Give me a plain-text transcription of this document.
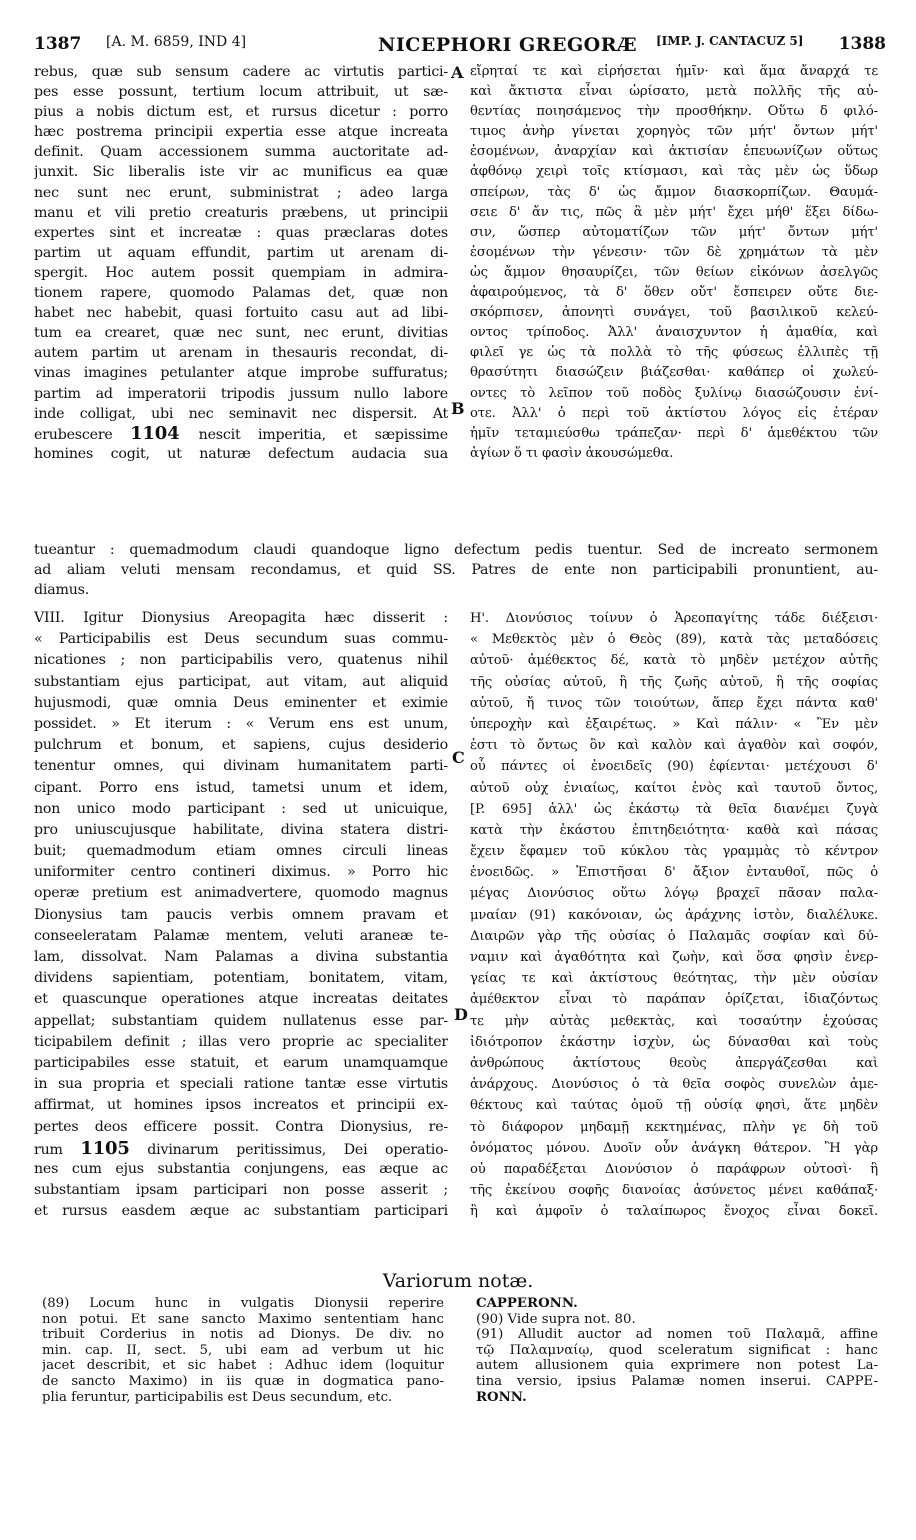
1387 [A. M. 6859, IND 4]	NICEPHORI GREGORÆ [IMP. J. CANTACUZ 5] 1388
rebus, quæ sub sensum cadere ac virtutis partici-
pes esse possunt, tertium locum attribuit, ut sæ-
pius a nobis dictum est, et rursus dicetur : porro
hæc postrema principii expertia esse atque increata
definit. Quam accessionem summa auctoritate ad-
junxit. Sic liberalis iste vir ac munificus ea quæ
nec sunt nec erunt, subministrat ; adeo larga
manu et vili pretio creaturis præbens, ut principii
expertes sint et increatæ : quas præclaras dotes
partim ut aquam effundit, partim ut arenam di-
spergit. Hoc autem possit quempiam in admira-
tionem rapere, quomodo Palamas det, quæ non
habet nec habebit, quasi fortuito casu aut ad libi-
tum ea crearet, quæ nec sunt, nec erunt, divitias
autem partim ut arenam in thesauris recondat, di-
vinas imagines petulanter atque improbe suffuratus;
partim ad imperatorii tripodis jussum nullo labore
inde colligat, ubi nec seminavit nec dispersit. At
erubescere 1104 nescit imperitia, et sæpissime
homines cogit, ut naturæ defectum audacia sua
εἴρηταί τε καὶ εἰρήσεται ἡμῖν· καὶ ἅμα ἄναρχά τε
καὶ ἄκτιστα εἶναι ὡρίσατο, μετὰ πολλῆς τῆς αὐ-
θεντίας ποιησάμενος τὴν προσθήκην. Οὕτω δ φιλό-
τιμος ἀνὴρ γίνεται χορηγὸς τῶν μήτ' ὄντων μήτ'
ἐσομένων, ἀναρχίαν καὶ ἀκτισίαν ἐπευωνίζων οὕτως
ἀφθόνῳ χειρὶ τοῖς κτίσμασι, καὶ τὰς μὲν ὡς ὕδωρ
σπείρων, τὰς δ' ὡς ἄμμον διασκορπίζων. Θαυμά-
σειε δ' ἄν τις, πῶς ἃ μὲν μήτ' ἔχει μήθ' ἕξει δίδω-
σιν, ὥσπερ αὐτοματίζων τῶν μήτ' ὄντων μήτ'
ἐσομένων τὴν γένεσιν· τῶν δὲ χρημάτων τὰ μὲν
ὡς ἄμμον θησαυρίζει, τῶν θείων εἰκόνων ἀσελγῶς
ἀφαιρούμενος, τὰ δ' ὅθεν οὔτ' ἔσπειρεν οὔτε διε-
σκόρπισεν, ἀπονητὶ συνάγει, τοῦ βασιλικοῦ κελεύ-
οντος τρίποδος. Ἀλλ' ἀναισχυντον ἡ ἀμαθία, καὶ
φιλεῖ γε ὡς τὰ πολλὰ τὸ τῆς φύσεως ἐλλιπὲς τῇ
θρασύτητι διασώζειν βιάζεσθαι· καθάπερ οἱ χωλεύ-
οντες τὸ λεῖπον τοῦ ποδὸς ξυλίνῳ διασώζουσιν ἐνί-
οτε. Ἀλλ' ὁ περὶ τοῦ ἀκτίστου λόγος εἰς ἑτέραν
ἡμῖν τεταμιεύσθω τράπεζαν· περὶ δ' ἀμεθέκτου τῶν
ἁγίων ὅ τι φασὶν ἀκουσώμεθα.
A
B
C
D
tueantur : quemadmodum claudi quandoque ligno defectum pedis tuentur. Sed de increato sermonem
ad aliam veluti mensam recondamus, et quid SS. Patres de ente non participabili pronuntient, au-
diamus.
VIII. Igitur Dionysius Areopagita hæc disserit :
« Participabilis est Deus secundum suas commu-
nicationes ; non participabilis vero, quatenus nihil
substantiam ejus participat, aut vitam, aut aliquid
hujusmodi, quæ omnia Deus eminenter et eximie
possidet. » Et iterum : « Verum ens est unum,
pulchrum et bonum, et sapiens, cujus desiderio
tenentur omnes, qui divinam humanitatem parti-
cipant. Porro ens istud, tametsi unum et idem,
non unico modo participant : sed ut unicuique,
pro uniuscujusque habilitate, divina statera distri-
buit; quemadmodum etiam omnes circuli lineas
uniformiter centro contineri diximus. » Porro hic
operæ pretium est animadvertere, quomodo magnus
Dionysius tam paucis verbis omnem pravam et
conseeleratam Palamæ mentem, veluti araneæ te-
lam, dissolvat. Nam Palamas a divina substantia
dividens sapientiam, potentiam, bonitatem, vitam,
et quascunque operationes atque increatas deitates
appellat; substantiam quidem nullatenus esse par-
ticipabilem definit ; illas vero proprie ac specialiter
participabiles esse statuit, et earum unamquamque
in sua propria et speciali ratione tantæ esse virtutis
affirmat, ut homines ipsos increatos et principii ex-
pertes deos efficere possit. Contra Dionysius, re-
rum 1105 divinarum peritissimus, Dei operatio-
nes cum ejus substantia conjungens, eas æque ac
substantiam ipsam participari non posse asserit ;
et rursus easdem æque ac substantiam participari
Η'. Διονύσιος τοίνυν ὁ Ἀρεοπαγίτης τάδε διέξεισι·
« Μεθεκτὸς μὲν ὁ Θεὸς (89), κατὰ τὰς μεταδόσεις
αὐτοῦ· ἀμέθεκτος δέ, κατὰ τὸ μηδὲν μετέχον αὐτῆς
τῆς οὐσίας αὐτοῦ, ἢ τῆς ζωῆς αὐτοῦ, ἢ τῆς σοφίας
αὐτοῦ, ἤ τινος τῶν τοιούτων, ἅπερ ἔχει πάντα καθ'
ὑπεροχὴν καὶ ἐξαιρέτως. » Καὶ πάλιν· « Ἓν μὲν
ἐστι τὸ ὄντως ὂν καὶ καλὸν καὶ ἀγαθὸν καὶ σοφόν,
οὗ πάντες οἱ ἐνοειδεῖς (90) ἐφίενται· μετέχουσι δ'
αὐτοῦ οὐχ ἐνιαίως, καίτοι ἑνὸς καὶ ταυτοῦ ὄντος,
[P. 695] ἀλλ' ὡς ἑκάστῳ τὰ θεῖα διανέμει ζυγὰ
κατὰ τὴν ἑκάστου ἐπιτηδειότητα· καθὰ καὶ πάσας
ἔχειν ἔφαμεν τοῦ κύκλου τὰς γραμμὰς τὸ κέντρον
ἑνοειδῶς. » Ἐπιστῆσαι δ' ἄξιον ἐνταυθοῖ, πῶς ὁ
μέγας Διονύσιος οὕτω λόγῳ βραχεῖ πᾶσαν παλα-
μναίαν (91) κακόνοιαν, ὡς ἀράχνης ἱστὸν, διαλέλυκε.
Διαιρῶν γὰρ τῆς οὐσίας ὁ Παλαμᾶς σοφίαν καὶ δύ-
ναμιν καὶ ἀγαθότητα καὶ ζωὴν, καὶ ὅσα φησὶν ἐνερ-
γείας τε καὶ ἀκτίστους θεότητας, τὴν μὲν οὐσίαν
ἀμέθεκτον εἶναι τὸ παράπαν ὁρίζεται, ἰδιαζόντως
τε μὴν αὐτὰς μεθεκτὰς, καὶ τοσαύτην ἐχούσας
ἰδιότροπον ἑκάστην ἰσχὺν, ὡς δύνασθαι καὶ τοὺς
ἀνθρώπους ἀκτίστους θεοὺς ἀπεργάζεσθαι καὶ
ἀνάρχους. Διονύσιος ὁ τὰ θεῖα σοφὸς συνελὼν ἀμε-
θέκτους καὶ ταύτας ὁμοῦ τῇ οὐσίᾳ φησὶ, ἅτε μηδὲν
τὸ διάφορον μηδαμῇ κεκτημένας, πλὴν γε δὴ τοῦ
ὀνόματος μόνου. Δυοῖν οὖν ἀνάγκη θάτερον. Ἢ γὰρ
οὐ παραδέξεται Διονύσιον ὁ παράφρων οὑτοσὶ· ἢ
τῆς ἐκείνου σοφῆς διανοίας ἀσύνετος μένει καθάπαξ·
ἢ καὶ ἀμφοῖν ὁ ταλαίπωρος ἔνοχος εἶναι δοκεῖ.
Variorum notæ.
(89) Locum hunc in vulgatis Dionysii reperire
non potui. Et sane sancto Maximo sententiam hanc
tribuit Corderius in notis ad Dionys. De div. no
min. cap. II, sect. 5, ubi eam ad verbum ut hic
jacet describit, et sic habet : Adhuc idem (loquitur
de sancto Maximo) in iis quæ in dogmatica pano-
plia feruntur, participabilis est Deus secundum, etc.
CAPPERONN.
(90) Vide supra not. 80.
(91) Alludit auctor ad nomen τοῦ Παλαμᾶ, affine
τῷ Παλαμναίῳ, quod sceleratum significat : hanc
autem allusionem quia exprimere non potest La-
tina versio, ipsius Palamæ nomen inserui. CAPPE-
RONN.
